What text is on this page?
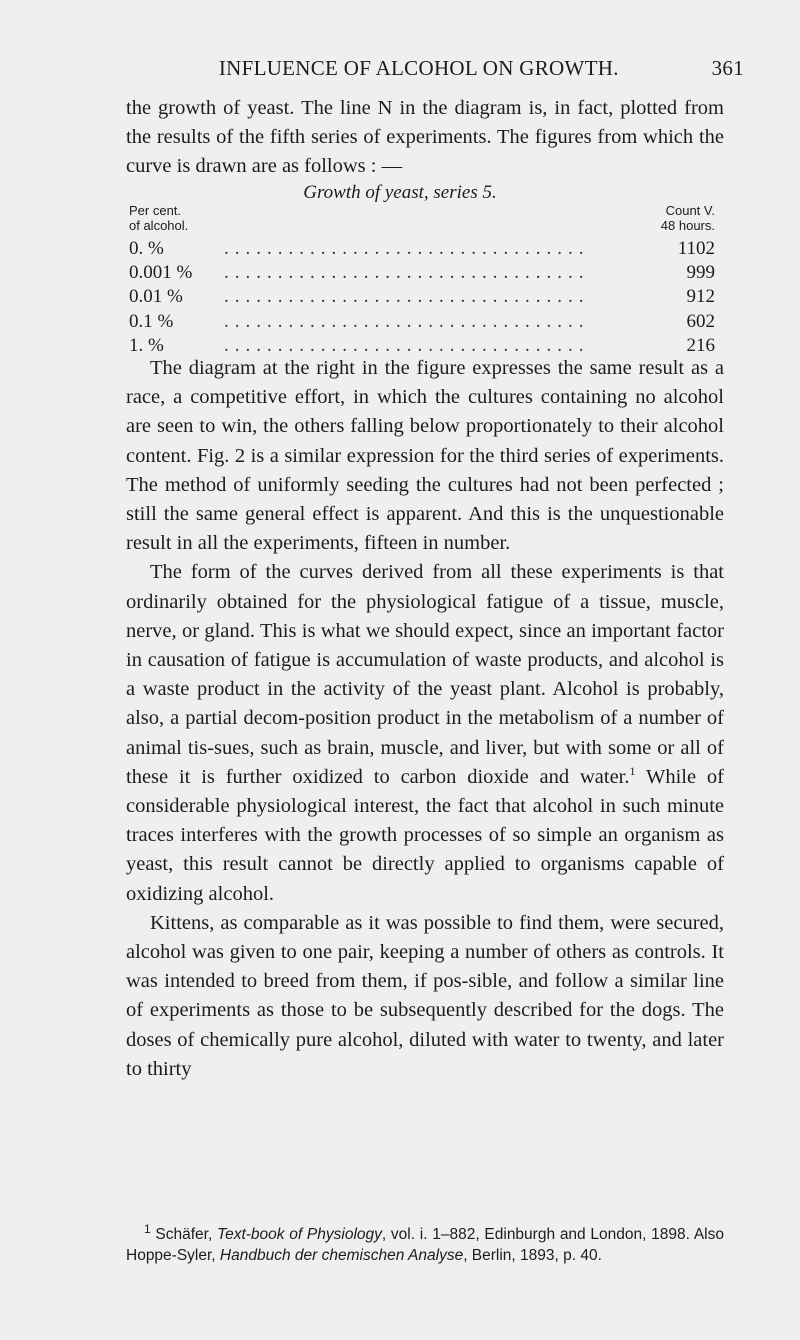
INFLUENCE OF ALCOHOL ON GROWTH.	361

the growth of yeast. The line N in the diagram is, in fact, plotted from the results of the fifth series of experiments. The figures from which the curve is drawn are as follows : —

Growth of yeast, series 5.
Per cent.
of alcohol.
Count V.
48 hours.
0. %	..................................	1102
0.001 %	..................................	999
0.01 %	..................................	912
0.1 %	..................................	602
1. %	..................................	216

The diagram at the right in the figure expresses the same result as a race, a competitive effort, in which the cultures containing no alcohol are seen to win, the others falling below proportionately to their alcohol content. Fig. 2 is a similar expression for the third series of experiments. The method of uniformly seeding the cultures had not been perfected ; still the same general effect is apparent. And this is the unquestionable result in all the experiments, fifteen in number.

The form of the curves derived from all these experiments is that ordinarily obtained for the physiological fatigue of a tissue, muscle, nerve, or gland. This is what we should expect, since an important factor in causation of fatigue is accumulation of waste products, and alcohol is a waste product in the activity of the yeast plant. Alcohol is probably, also, a partial decom-position product in the metabolism of a number of animal tis-sues, such as brain, muscle, and liver, but with some or all of these it is further oxidized to carbon dioxide and water.$^1$ While of considerable physiological interest, the fact that alcohol in such minute traces interferes with the growth processes of so simple an organism as yeast, this result cannot be directly applied to organisms capable of oxidizing alcohol.

Kittens, as comparable as it was possible to find them, were secured, alcohol was given to one pair, keeping a number of others as controls. It was intended to breed from them, if pos-sible, and follow a similar line of experiments as those to be subsequently described for the dogs. The doses of chemically pure alcohol, diluted with water to twenty, and later to thirty

$^1$ Schäfer, Text-book of Physiology, vol. i. 1–882, Edinburgh and London, 1898. Also Hoppe-Syler, Handbuch der chemischen Analyse, Berlin, 1893, p. 40.
